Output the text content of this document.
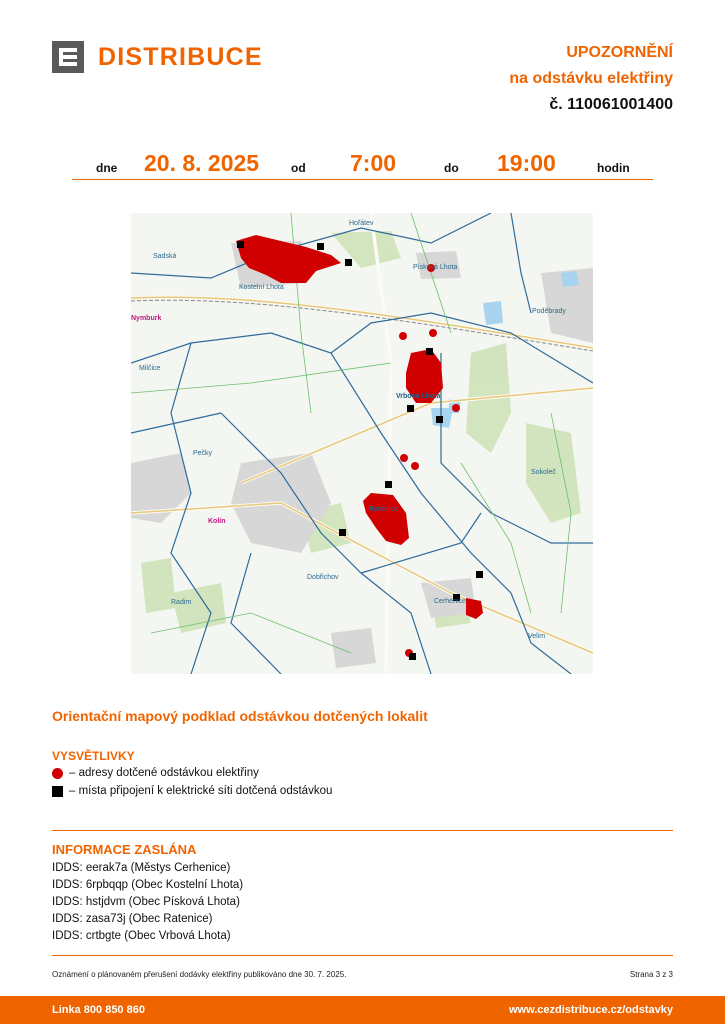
DISTRIBUCE	UPOZORNĚNÍ
na odstávku elektřiny
č. 110061001400
dne 20. 8. 2025	od 7:00	do 19:00	hodin
Hořátev
Sadská
Kostelní Lhota
Písková Lhota
Poděbrady
Nymburk
Milčice
Vrbová Lhota
Pečky
Sokoleč
Kolín
Ratenice
Dobřichov
Radim	Cerhenice
Velim
Orientační mapový podklad odstávkou dotčených lokalit
VYSVĚTLIVKY
– adresy dotčené odstávkou elektřiny
– místa připojení k elektrické síti dotčená odstávkou
INFORMACE ZASLÁNA
IDDS: eerak7a (Městys Cerhenice)
IDDS: 6rpbqqp (Obec Kostelní Lhota)
IDDS: hstjdvm (Obec Písková Lhota)
IDDS: zasa73j (Obec Ratenice)
IDDS: crtbgte (Obec Vrbová Lhota)
Oznámení o plánovaném přerušení dodávky elektřiny publikováno dne 30. 7. 2025.	Strana 3 z 3
Linka 800 850 860	www.cezdistribuce.cz/odstavky
